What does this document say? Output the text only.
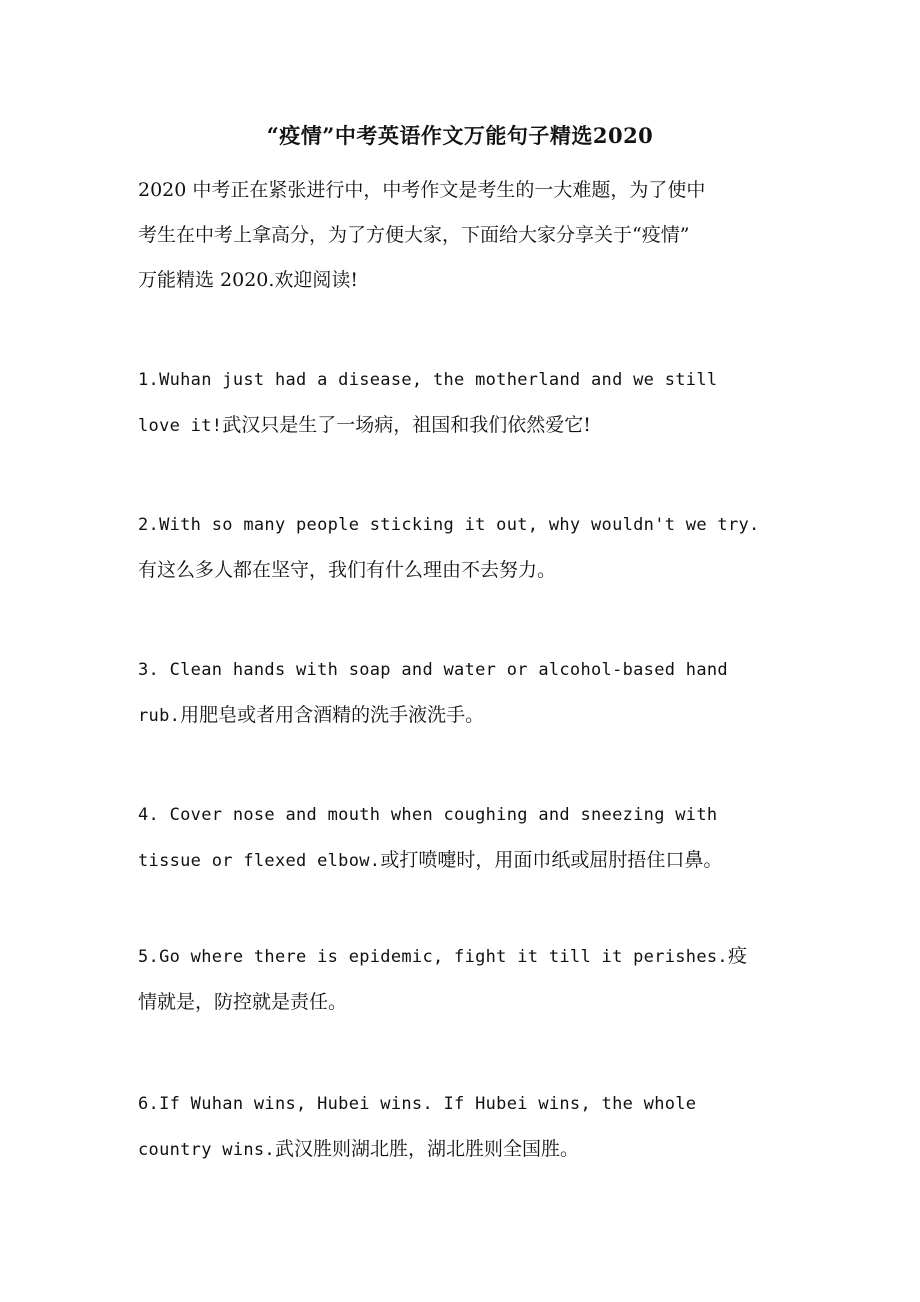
“疫情”中考英语作文万能句子精选2020
2020 中考正在紧张进行中，中考作文是考生的一大难题，为了使中
考生在中考上拿高分，为了方便大家，下面给大家分享关于“疫情”
万能精选 2020.欢迎阅读!
1.Wuhan just had a disease, the motherland and we still
love it!武汉只是生了一场病，祖国和我们依然爱它!
2.With so many people sticking it out, why wouldn't we try.
有这么多人都在坚守，我们有什么理由不去努力。
3. Clean hands with soap and water or alcohol-based hand
rub.用肥皂或者用含酒精的洗手液洗手。
4. Cover nose and mouth when coughing and sneezing with
tissue or flexed elbow.或打喷嚏时，用面巾纸或屈肘捂住口鼻。
5.Go where there is epidemic, fight it till it perishes.疫
情就是，防控就是责任。
6.If Wuhan wins, Hubei wins. If Hubei wins, the whole
country wins.武汉胜则湖北胜，湖北胜则全国胜。
